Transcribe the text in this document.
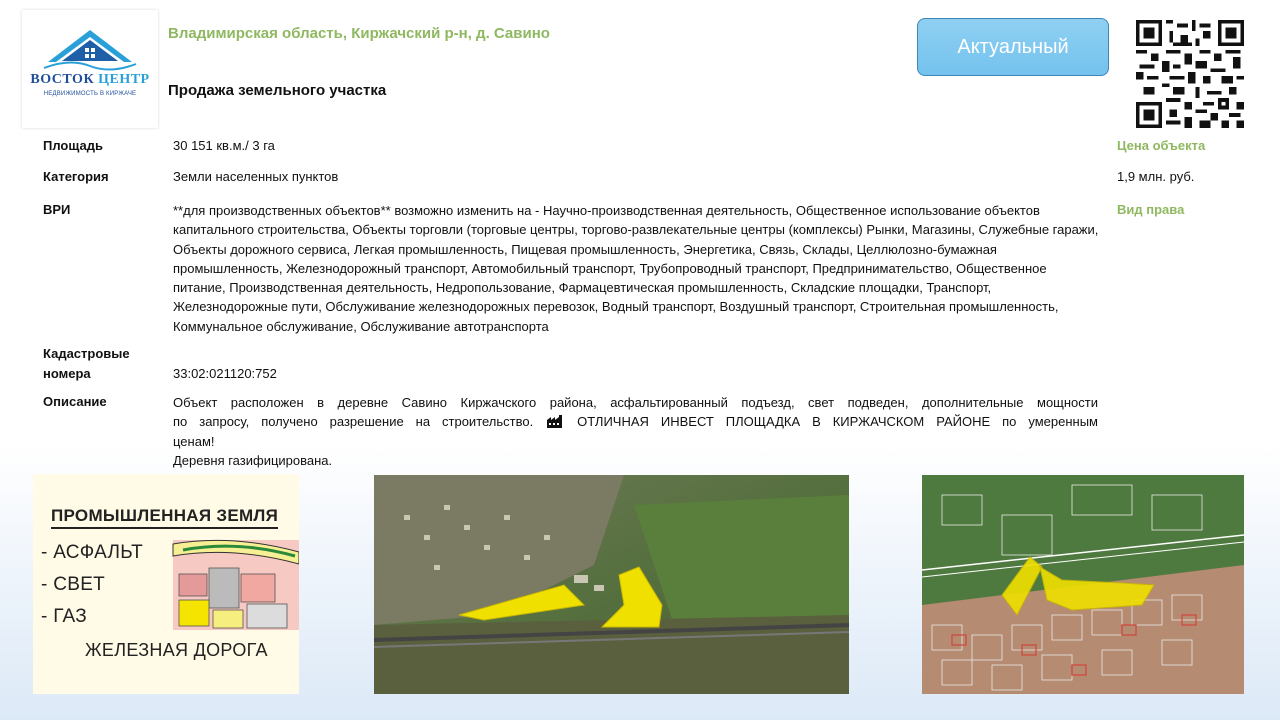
ВОСТОК ЦЕНТР
НЕДВИЖИМОСТЬ В КИРЖАЧЕ
Владимирская область, Киржачский р-н, д. Савино
Продажа земельного участка
Актуальный
Площадь	30 151 кв.м./ 3 га
Категория	Земли населенных пунктов
ВРИ	**для производственных объектов** возможно изменить на - Научно-производственная деятельность, Общественное использование объектов капитального строительства, Объекты торговли (торговые центры, торгово-развлекательные центры (комплексы) Рынки, Магазины, Служебные гаражи, Объекты дорожного сервиса, Легкая промышленность, Пищевая промышленность, Энергетика, Связь, Склады, Целлюлозно-бумажная промышленность, Железнодорожный транспорт, Автомобильный транспорт, Трубопроводный транспорт, Предпринимательство, Общественное питание, Производственная деятельность, Недропользование, Фармацевтическая промышленность, Складские площадки, Транспорт, Железнодорожные пути, Обслуживание железнодорожных перевозок, Водный транспорт, Воздушный транспорт, Строительная промышленность, Коммунальное обслуживание, Обслуживание автотранспорта
Кадастровые
номера	33:02:021120:752
Описание	Объект расположен в деревне Савино Киржачского района, асфальтированный подъезд, свет подведен, дополнительные мощности
по запросу, получено разрешение на строительство.	ОТЛИЧНАЯ ИНВЕСТ ПЛОЩАДКА В КИРЖАЧСКОМ РАЙОНЕ по умеренным
ценам!
Деревня газифицирована.
Цена объекта
1,9 млн. руб.
Вид права
ПРОМЫШЛЕННАЯ ЗЕМЛЯ
- АСФАЛЬТ
- СВЕТ
- ГАЗ
ЖЕЛЕЗНАЯ ДОРОГА
